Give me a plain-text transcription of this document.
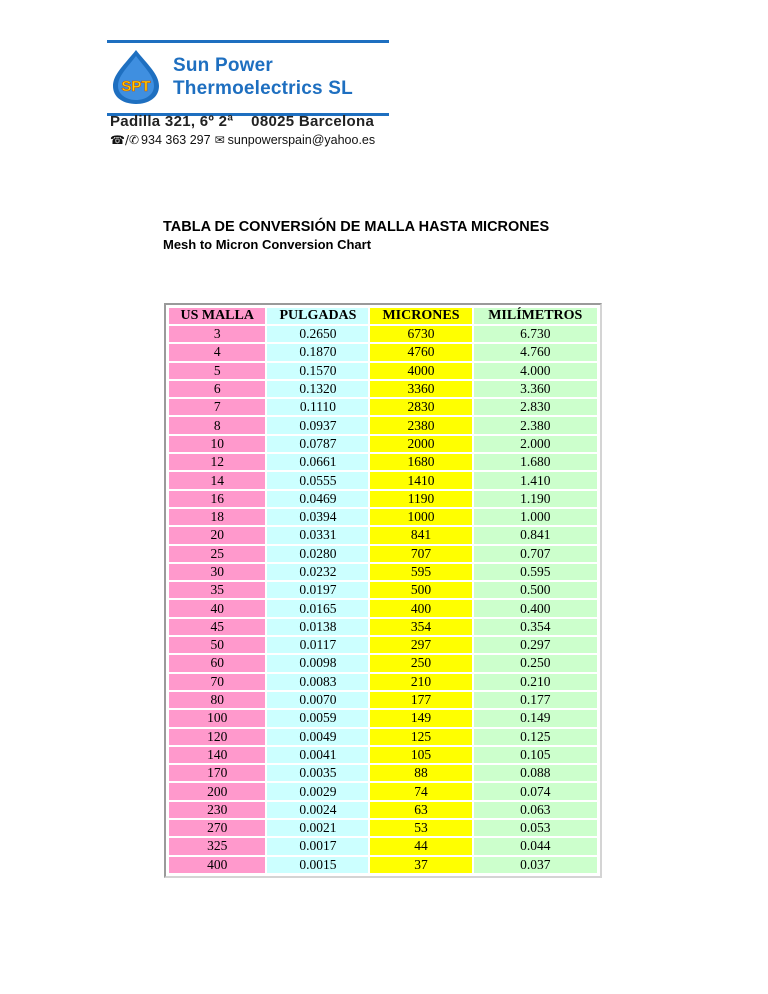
SPT
Sun Power
Thermoelectrics SL
Padilla 321, 6º 2ª 08025 Barcelona
☎/✆ 934 363 297 ✉ sunpowerspain@yahoo.es
TABLA DE CONVERSIÓN DE MALLA HASTA MICRONES
Mesh to Micron Conversion Chart
US MALLA	PULGADAS	MICRONES	MILÍMETROS
3	0.2650	6730	6.730
4	0.1870	4760	4.760
5	0.1570	4000	4.000
6	0.1320	3360	3.360
7	0.1110	2830	2.830
8	0.0937	2380	2.380
10	0.0787	2000	2.000
12	0.0661	1680	1.680
14	0.0555	1410	1.410
16	0.0469	1190	1.190
18	0.0394	1000	1.000
20	0.0331	841	0.841
25	0.0280	707	0.707
30	0.0232	595	0.595
35	0.0197	500	0.500
40	0.0165	400	0.400
45	0.0138	354	0.354
50	0.0117	297	0.297
60	0.0098	250	0.250
70	0.0083	210	0.210
80	0.0070	177	0.177
100	0.0059	149	0.149
120	0.0049	125	0.125
140	0.0041	105	0.105
170	0.0035	88	0.088
200	0.0029	74	0.074
230	0.0024	63	0.063
270	0.0021	53	0.053
325	0.0017	44	0.044
400	0.0015	37	0.037
